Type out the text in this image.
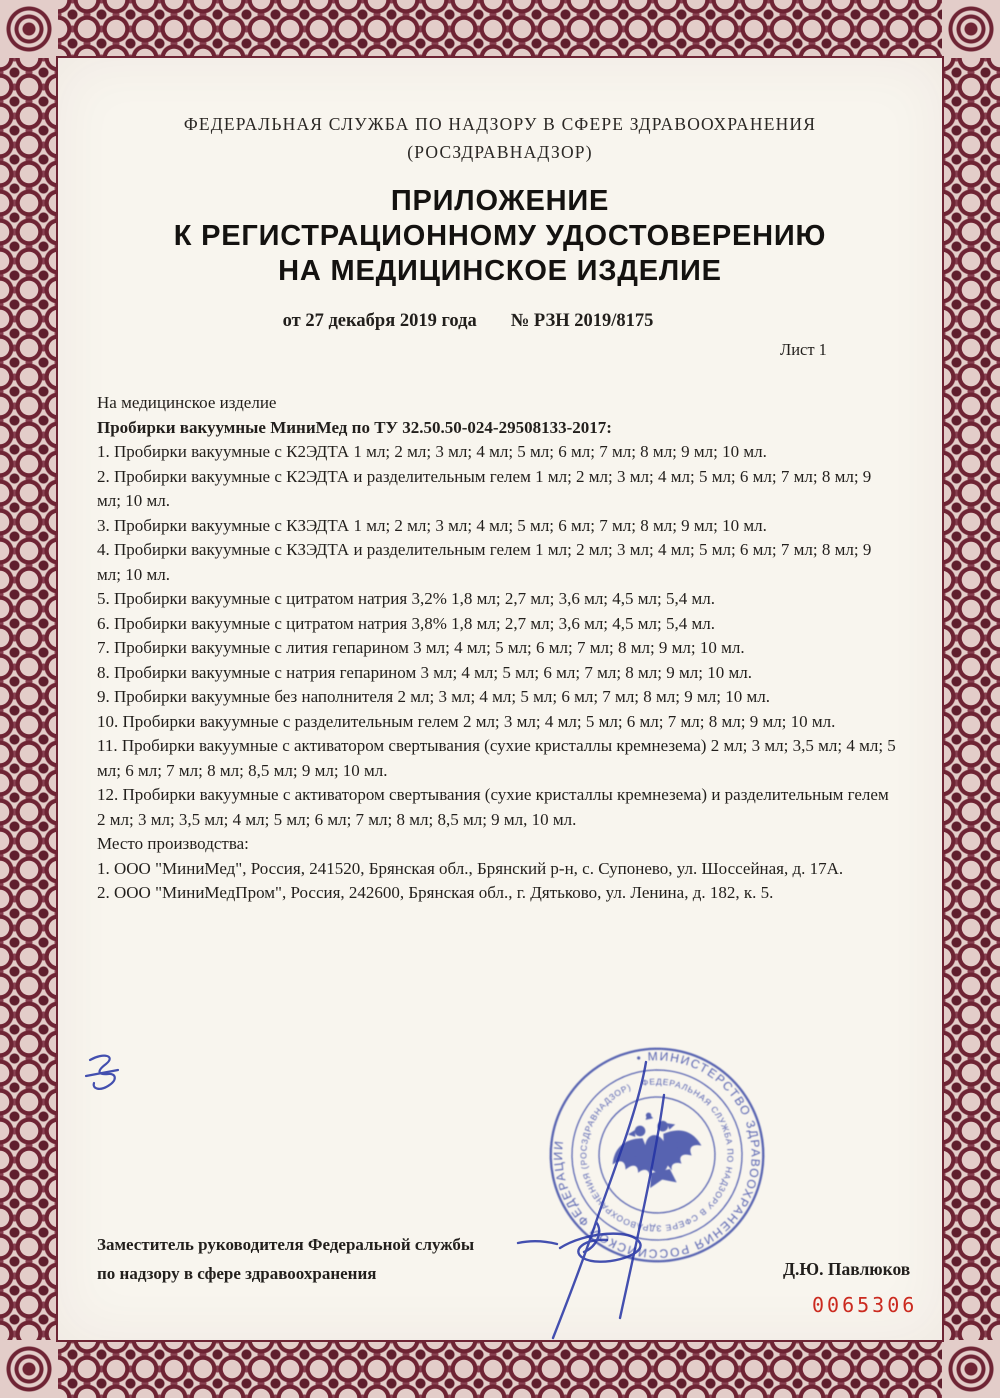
ФЕДЕРАЛЬНАЯ СЛУЖБА ПО НАДЗОРУ В СФЕРЕ ЗДРАВООХРАНЕНИЯ
(РОСЗДРАВНАДЗОР)
ПРИЛОЖЕНИЕ
К РЕГИСТРАЦИОННОМУ УДОСТОВЕРЕНИЮ
НА МЕДИЦИНСКОЕ ИЗДЕЛИЕ
от 27 декабря 2019 года № РЗН 2019/8175
Лист 1

На медицинское изделие

Пробирки вакуумные МиниМед по ТУ 32.50.50-024-29508133-2017:

1. Пробирки вакуумные с К2ЭДТА 1 мл; 2 мл; 3 мл; 4 мл; 5 мл; 6 мл; 7 мл; 8 мл; 9 мл; 10 мл.

2. Пробирки вакуумные с К2ЭДТА и разделительным гелем 1 мл; 2 мл; 3 мл; 4 мл; 5 мл; 6 мл; 7 мл; 8 мл; 9 мл; 10 мл.

3. Пробирки вакуумные с КЗЭДТА 1 мл; 2 мл; 3 мл; 4 мл; 5 мл; 6 мл; 7 мл; 8 мл; 9 мл; 10 мл.

4. Пробирки вакуумные с КЗЭДТА и разделительным гелем 1 мл; 2 мл; 3 мл; 4 мл; 5 мл; 6 мл; 7 мл; 8 мл; 9 мл; 10 мл.

5. Пробирки вакуумные с цитратом натрия 3,2% 1,8 мл; 2,7 мл; 3,6 мл; 4,5 мл; 5,4 мл.

6. Пробирки вакуумные с цитратом натрия 3,8% 1,8 мл; 2,7 мл; 3,6 мл; 4,5 мл; 5,4 мл.

7. Пробирки вакуумные с лития гепарином 3 мл; 4 мл; 5 мл; 6 мл; 7 мл; 8 мл; 9 мл; 10 мл.

8. Пробирки вакуумные с натрия гепарином 3 мл; 4 мл; 5 мл; 6 мл; 7 мл; 8 мл; 9 мл; 10 мл.

9. Пробирки вакуумные без наполнителя 2 мл; 3 мл; 4 мл; 5 мл; 6 мл; 7 мл; 8 мл; 9 мл; 10 мл.

10. Пробирки вакуумные с разделительным гелем 2 мл; 3 мл; 4 мл; 5 мл; 6 мл; 7 мл; 8 мл; 9 мл; 10 мл.

11. Пробирки вакуумные с активатором свертывания (сухие кристаллы кремнезема) 2 мл; 3 мл; 3,5 мл; 4 мл; 5 мл; 6 мл; 7 мл; 8 мл; 8,5 мл; 9 мл; 10 мл.

12. Пробирки вакуумные с активатором свертывания (сухие кристаллы кремнезема) и разделительным гелем 2 мл; 3 мл; 3,5 мл; 4 мл; 5 мл; 6 мл; 7 мл; 8 мл; 8,5 мл; 9 мл, 10 мл.

Место производства:

1. ООО "МиниМед", Россия, 241520, Брянская обл., Брянский р-н, с. Супонево, ул. Шоссейная, д. 17А.

2. ООО "МиниМедПром", Россия, 242600, Брянская обл., г. Дятьково, ул. Ленина, д. 182, к. 5.

Заместитель руководителя Федеральной службы
по надзору в сфере здравоохранения	Д.Ю. Павлюков
0065306
• МИНИСТЕРСТВО ЗДРАВООХРАНЕНИЯ РОССИЙСКОЙ ФЕДЕРАЦИИ
ФЕДЕРАЛЬНАЯ СЛУЖБА ПО НАДЗОРУ В СФЕРЕ ЗДРАВООХРАНЕНИЯ (РОСЗДРАВНАДЗОР)
